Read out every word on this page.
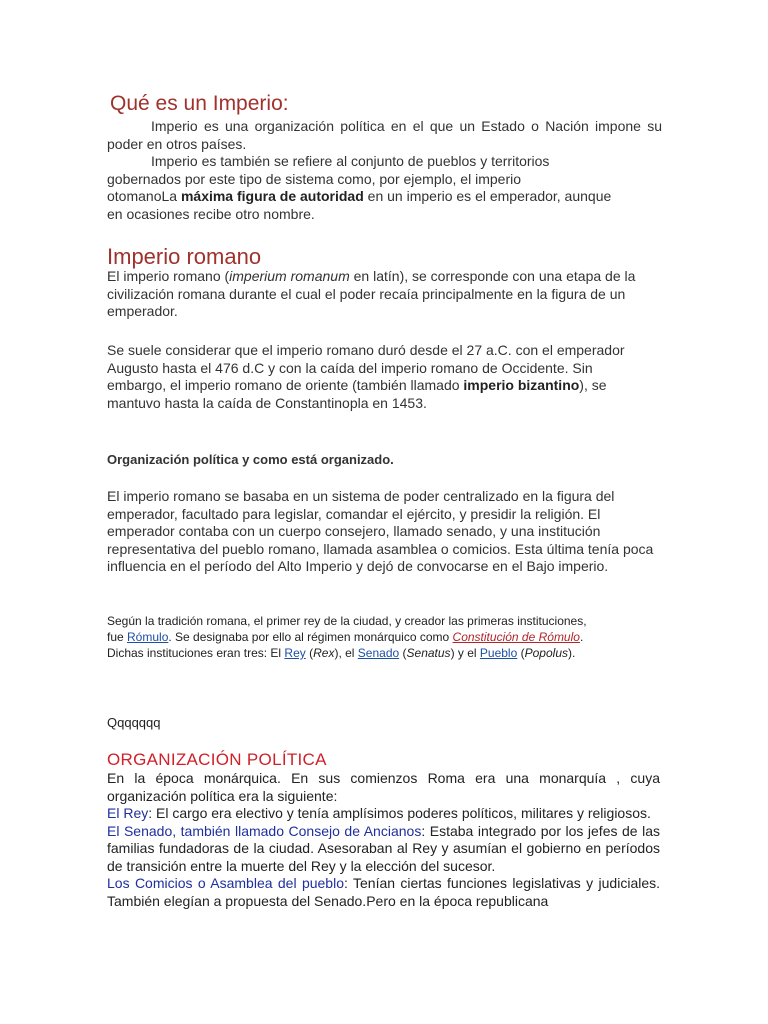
Qué es un Imperio:

Imperio es una organización política en el que un Estado o Nación impone su poder en otros países.

Imperio es también se refiere al conjunto de pueblos y territorios

gobernados por este tipo de sistema como, por ejemplo, el imperio

otomanoLa máxima figura de autoridad en un imperio es el emperador, aunque

en ocasiones recibe otro nombre.

Imperio romano

El imperio romano (imperium romanum en latín), se corresponde con una etapa de la civilización romana durante el cual el poder recaía principalmente en la figura de un emperador.

Se suele considerar que el imperio romano duró desde el 27 a.C. con el emperador Augusto hasta el 476 d.C y con la caída del imperio romano de Occidente. Sin embargo, el imperio romano de oriente (también llamado imperio bizantino), se mantuvo hasta la caída de Constantinopla en 1453.

Organización política y como está organizado.

El imperio romano se basaba en un sistema de poder centralizado en la figura del emperador, facultado para legislar, comandar el ejército, y presidir la religión. El emperador contaba con un cuerpo consejero, llamado senado, y una institución representativa del pueblo romano, llamada asamblea o comicios. Esta última tenía poca influencia en el período del Alto Imperio y dejó de convocarse en el Bajo imperio.

Según la tradición romana, el primer rey de la ciudad, y creador las primeras instituciones,

fue Rómulo. Se designaba por ello al régimen monárquico como Constitución de Rómulo.

Dichas instituciones eran tres: El Rey (Rex), el Senado (Senatus) y el Pueblo (Popolus).

Qqqqqqq
ORGANIZACIÓN POLÍTICA

En la época monárquica. En sus comienzos Roma era una monarquía , cuya organización política era la siguiente:

El Rey: El cargo era electivo y tenía amplísimos poderes políticos, militares y religiosos.

El Senado, también llamado Consejo de Ancianos: Estaba integrado por los jefes de las familias fundadoras de la ciudad. Asesoraban al Rey y asumían el gobierno en períodos de transición entre la muerte del Rey y la elección del sucesor.

Los Comicios o Asamblea del pueblo: Tenían ciertas funciones legislativas y judiciales. También elegían a propuesta del Senado.Pero en la época republicana
